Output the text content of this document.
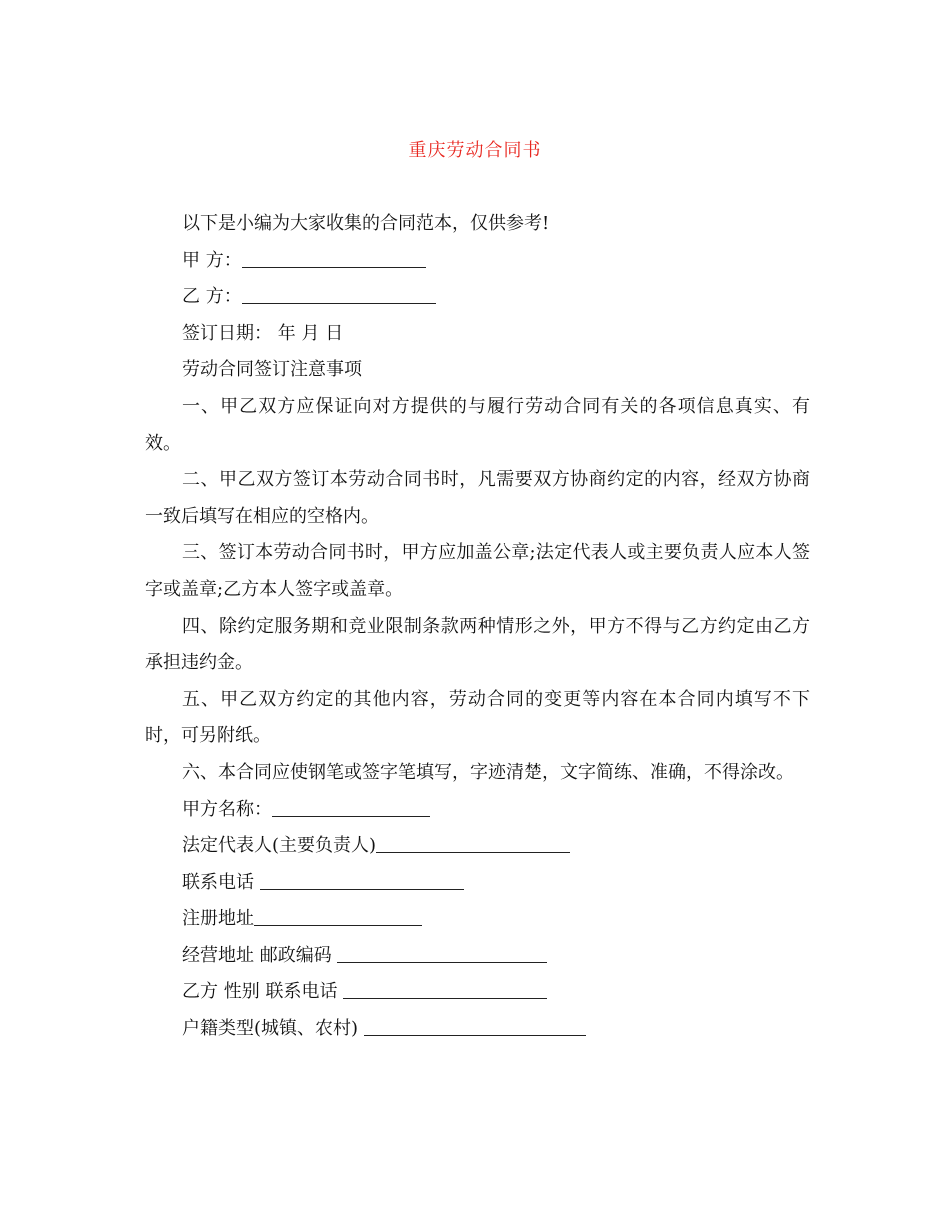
重庆劳动合同书

以下是小编为大家收集的合同范本，仅供参考!

甲 方：

乙 方：

签订日期： 年 月 日

劳动合同签订注意事项

一、甲乙双方应保证向对方提供的与履行劳动合同有关的各项信息真实、有效。

二、甲乙双方签订本劳动合同书时，凡需要双方协商约定的内容，经双方协商一致后填写在相应的空格内。

三、签订本劳动合同书时，甲方应加盖公章;法定代表人或主要负责人应本人签字或盖章;乙方本人签字或盖章。

四、除约定服务期和竞业限制条款两种情形之外，甲方不得与乙方约定由乙方承担违约金。

五、甲乙双方约定的其他内容，劳动合同的变更等内容在本合同内填写不下时，可另附纸。

六、本合同应使钢笔或签字笔填写，字迹清楚，文字简练、准确，不得涂改。

甲方名称：

法定代表人(主要负责人)

联系电话

注册地址

经营地址 邮政编码

乙方 性别 联系电话

户籍类型(城镇、农村)
